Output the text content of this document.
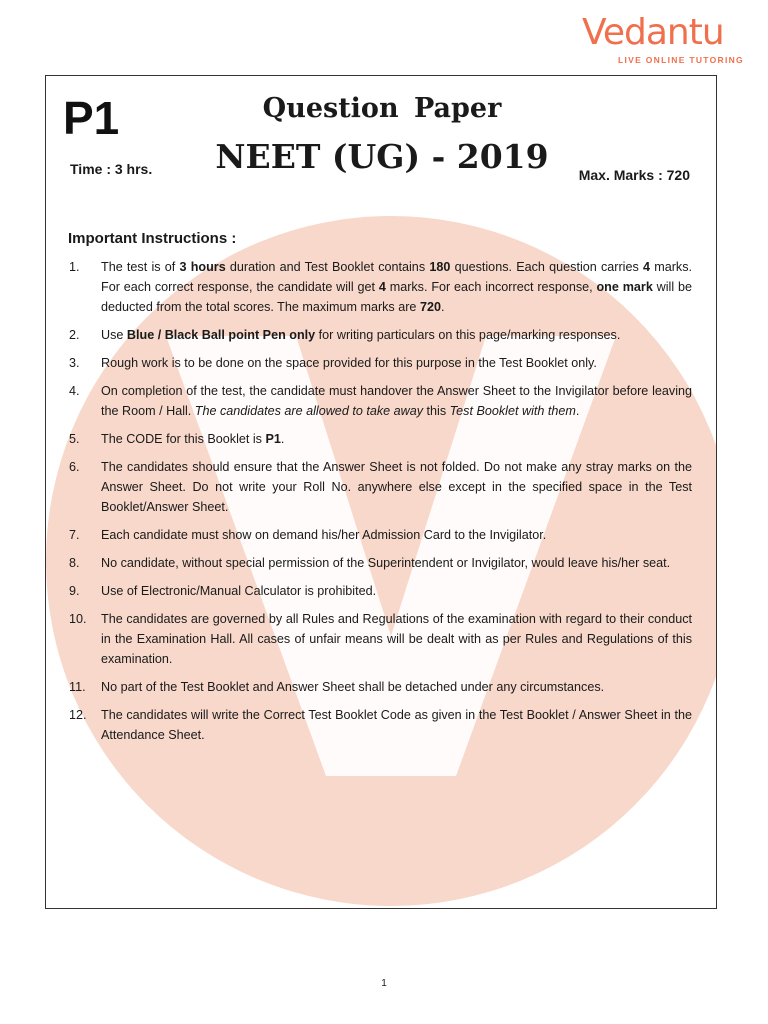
Vedantu
LIVE ONLINE TUTORING
P1
Time : 3 hrs.
Question Paper
NEET (UG) - 2019	Max. Marks : 720
Important Instructions :
1. The test is of 3 hours duration and Test Booklet contains 180 questions. Each question carries 4 marks. For each correct response, the candidate will get 4 marks. For each incorrect response, one mark will be deducted from the total scores. The maximum marks are 720.
2. Use Blue / Black Ball point Pen only for writing particulars on this page/marking responses.
3. Rough work is to be done on the space provided for this purpose in the Test Booklet only.
4. On completion of the test, the candidate must handover the Answer Sheet to the Invigilator before leaving the Room / Hall. The candidates are allowed to take away this Test Booklet with them.
5. The CODE for this Booklet is P1.
6. The candidates should ensure that the Answer Sheet is not folded. Do not make any stray marks on the Answer Sheet. Do not write your Roll No. anywhere else except in the specified space in the Test Booklet/Answer Sheet.
7. Each candidate must show on demand his/her Admission Card to the Invigilator.
8. No candidate, without special permission of the Superintendent or Invigilator, would leave his/her seat.
9. Use of Electronic/Manual Calculator is prohibited.
10. The candidates are governed by all Rules and Regulations of the examination with regard to their conduct in the Examination Hall. All cases of unfair means will be dealt with as per Rules and Regulations of this examination.
11. No part of the Test Booklet and Answer Sheet shall be detached under any circumstances.
12. The candidates will write the Correct Test Booklet Code as given in the Test Booklet / Answer Sheet in the Attendance Sheet.
1
